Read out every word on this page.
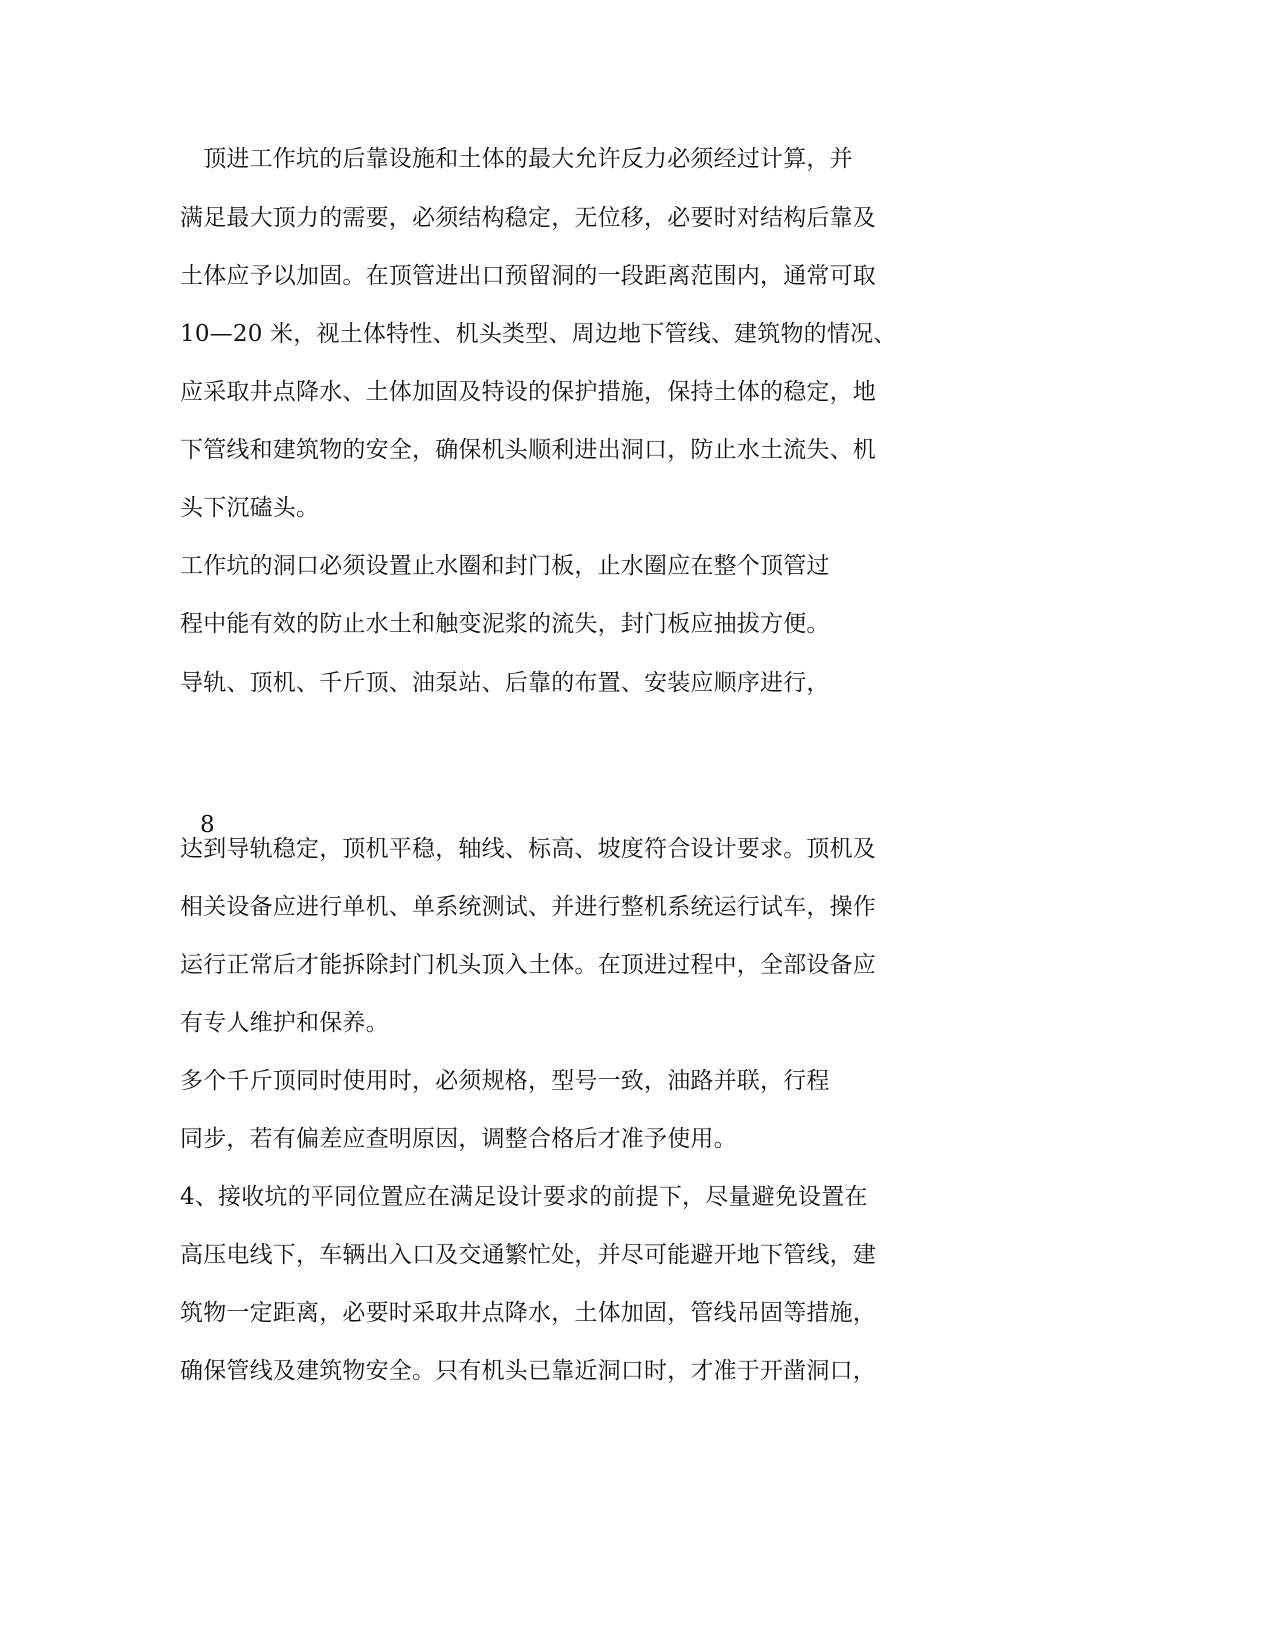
　顶进工作坑的后靠设施和土体的最大允许反力必须经过计算，并
满足最大顶力的需要，必须结构稳定，无位移，必要时对结构后靠及
土体应予以加固。在顶管进出口预留洞的一段距离范围内，通常可取
10—20 米，视土体特性、机头类型、周边地下管线、建筑物的情况、
应采取井点降水、土体加固及特设的保护措施，保持土体的稳定，地
下管线和建筑物的安全，确保机头顺利进出洞口，防止水土流失、机
头下沉磕头。
工作坑的洞口必须设置止水圈和封门板，止水圈应在整个顶管过
程中能有效的防止水土和触变泥浆的流失，封门板应抽拔方便。
导轨、顶机、千斤顶、油泵站、后靠的布置、安装应顺序进行，
8
达到导轨稳定，顶机平稳，轴线、标高、坡度符合设计要求。顶机及
相关设备应进行单机、单系统测试、并进行整机系统运行试车，操作
运行正常后才能拆除封门机头顶入土体。在顶进过程中，全部设备应
有专人维护和保养。
多个千斤顶同时使用时，必须规格，型号一致，油路并联，行程
同步，若有偏差应查明原因，调整合格后才准予使用。
4、接收坑的平同位置应在满足设计要求的前提下，尽量避免设置在
高压电线下，车辆出入口及交通繁忙处，并尽可能避开地下管线，建
筑物一定距离，必要时采取井点降水，土体加固，管线吊固等措施，
确保管线及建筑物安全。只有机头已靠近洞口时，才准于开凿洞口，
